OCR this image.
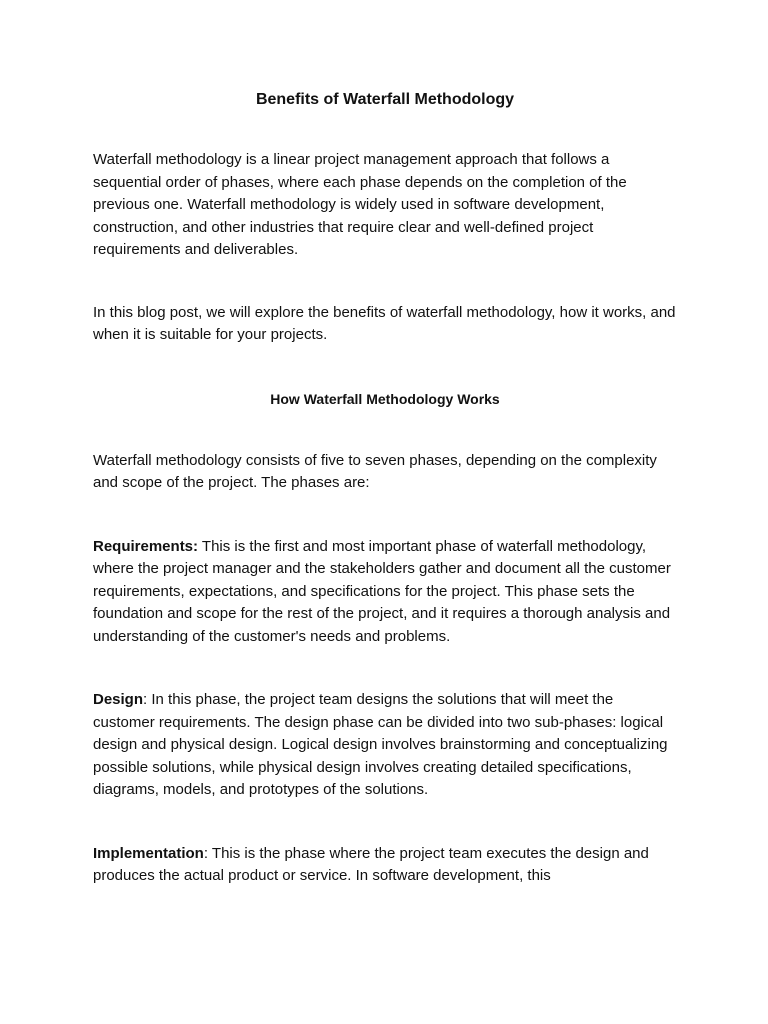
Benefits of Waterfall Methodology

Waterfall methodology is a linear project management approach that follows a sequential order of phases, where each phase depends on the completion of the previous one. Waterfall methodology is widely used in software development, construction, and other industries that require clear and well-defined project requirements and deliverables.

In this blog post, we will explore the benefits of waterfall methodology, how it works, and when it is suitable for your projects.

How Waterfall Methodology Works

Waterfall methodology consists of five to seven phases, depending on the complexity and scope of the project. The phases are:

Requirements: This is the first and most important phase of waterfall methodology, where the project manager and the stakeholders gather and document all the customer requirements, expectations, and specifications for the project. This phase sets the foundation and scope for the rest of the project, and it requires a thorough analysis and understanding of the customer's needs and problems.

Design: In this phase, the project team designs the solutions that will meet the customer requirements. The design phase can be divided into two sub-phases: logical design and physical design. Logical design involves brainstorming and conceptualizing possible solutions, while physical design involves creating detailed specifications, diagrams, models, and prototypes of the solutions.

Implementation: This is the phase where the project team executes the design and produces the actual product or service. In software development, this
